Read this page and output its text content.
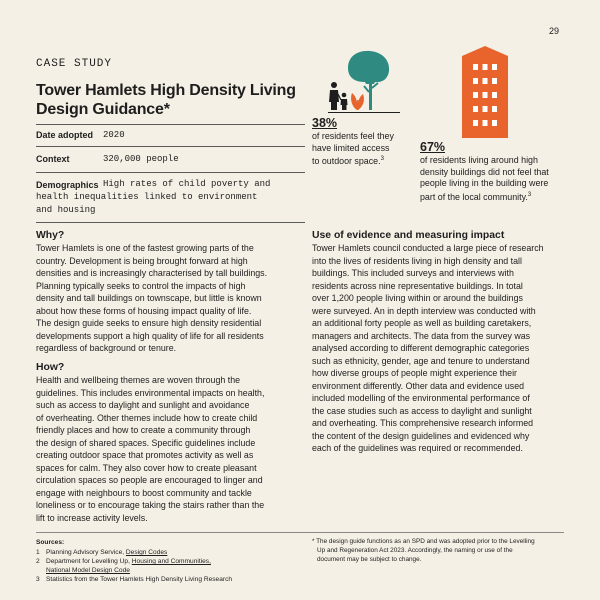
29
CASE STUDY
Tower Hamlets High Density Living Design Guidance*
Date adopted 2020
Context	320,000 people
Demographics High rates of child poverty and
health inequalities linked to environment
and housing
38%
of residents feel they
have limited access
to outdoor space.$^3$
67%
of residents living around high
density buildings did not feel that
people living in the building were
part of the local community.$^3$
Why?
Tower Hamlets is one of the fastest growing parts of the
country. Development is being brought forward at high
densities and is increasingly characterised by tall buildings.
Planning typically seeks to control the impacts of high
density and tall buildings on townscape, but little is known
about how these forms of housing impact quality of life.
The design guide seeks to ensure high density residential
developments support a high quality of life for all residents
regardless of background or tenure.
How?
Health and wellbeing themes are woven through the
guidelines. This includes environmental impacts on health,
such as access to daylight and sunlight and avoidance
of overheating. Other themes include how to create child
friendly places and how to create a community through
the design of shared spaces. Specific guidelines include
creating outdoor space that promotes activity as well as
spaces for calm. They also cover how to create pleasant
circulation spaces so people are encouraged to linger and
engage with neighbours to boost community and tackle
loneliness or to encourage taking the stairs rather than the
lift to increase activity levels.
Use of evidence and measuring impact
Tower Hamlets council conducted a large piece of research
into the lives of residents living in high density and tall
buildings. This included surveys and interviews with
residents across nine representative buildings. In total
over 1,200 people living within or around the buildings
were surveyed. An in depth interview was conducted with
an additional forty people as well as building caretakers,
managers and architects. The data from the survey was
analysed according to different demographic categories
such as ethnicity, gender, age and tenure to understand
how diverse groups of people might experience their
environment differently. Other data and evidence used
included modelling of the environmental performance of
the case studies such as access to daylight and sunlight
and overheating. This comprehensive research informed
the content of the design guidelines and evidenced why
each of the guidelines was required or recommended.
Sources:
1 Planning Advisory Service, Design Codes
2 Department for Levelling Up, Housing and Communities,
National Model Design Code
3 Statistics from the Tower Hamlets High Density Living Research
* The design guide functions as an SPD and was adopted prior to the Levelling
Up and Regeneration Act 2023. Accordingly, the naming or use of the
document may be subject to change.
